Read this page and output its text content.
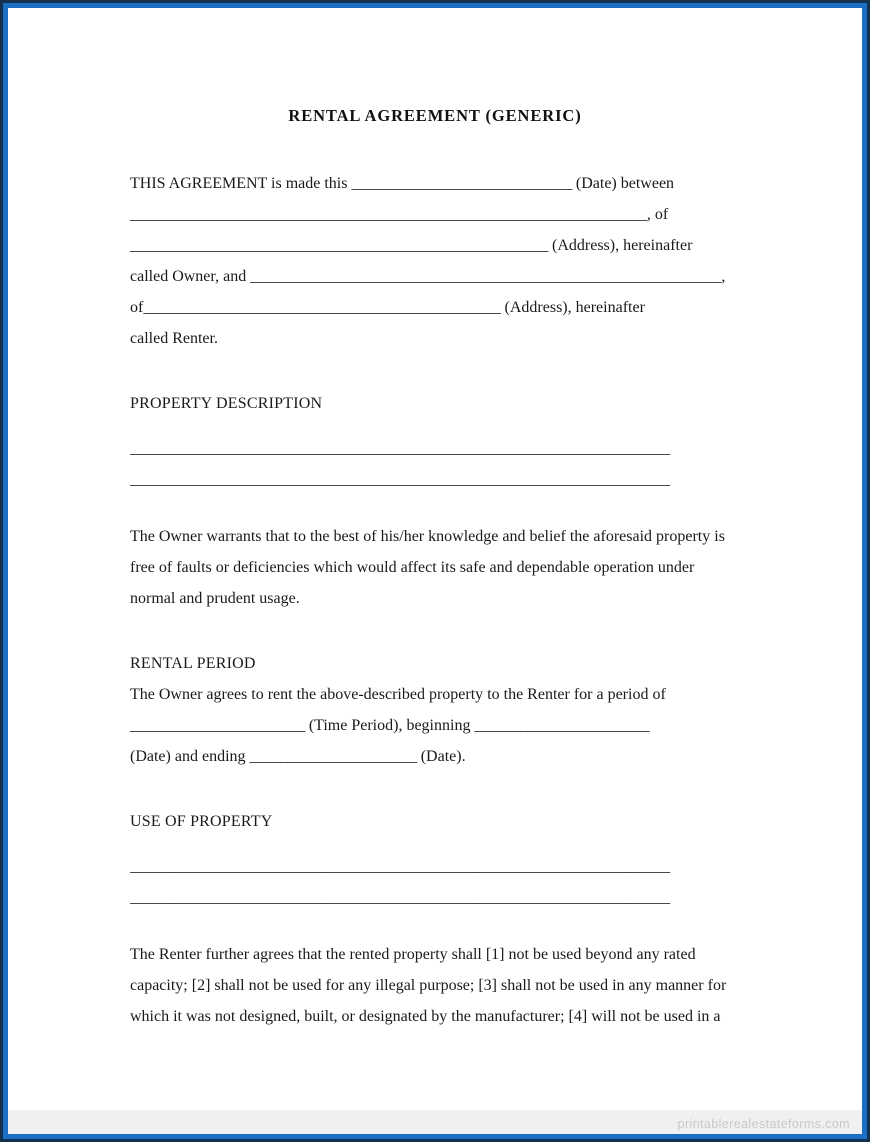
RENTAL AGREEMENT (GENERIC)

THIS AGREEMENT is made this _____________________________ (Date) between

____________________________________________________________________, of

_______________________________________________________ (Address), hereinafter

called Owner, and ______________________________________________________________,

of_______________________________________________ (Address), hereinafter

called Renter.

PROPERTY DESCRIPTION

_______________________________________________________________________

_______________________________________________________________________

The Owner warrants that to the best of his/her knowledge and belief the aforesaid property is free of faults or deficiencies which would affect its safe and dependable operation under normal and prudent usage.

RENTAL PERIOD

The Owner agrees to rent the above-described property to the Renter for a period of

_______________________ (Time Period), beginning _______________________

(Date) and ending ______________________ (Date).

USE OF PROPERTY

_______________________________________________________________________

_______________________________________________________________________

The Renter further agrees that the rented property shall [1] not be used beyond any rated capacity; [2] shall not be used for any illegal purpose; [3] shall not be used in any manner for which it was not designed, built, or designated by the manufacturer; [4] will not be used in a

printablerealestateforms.com
